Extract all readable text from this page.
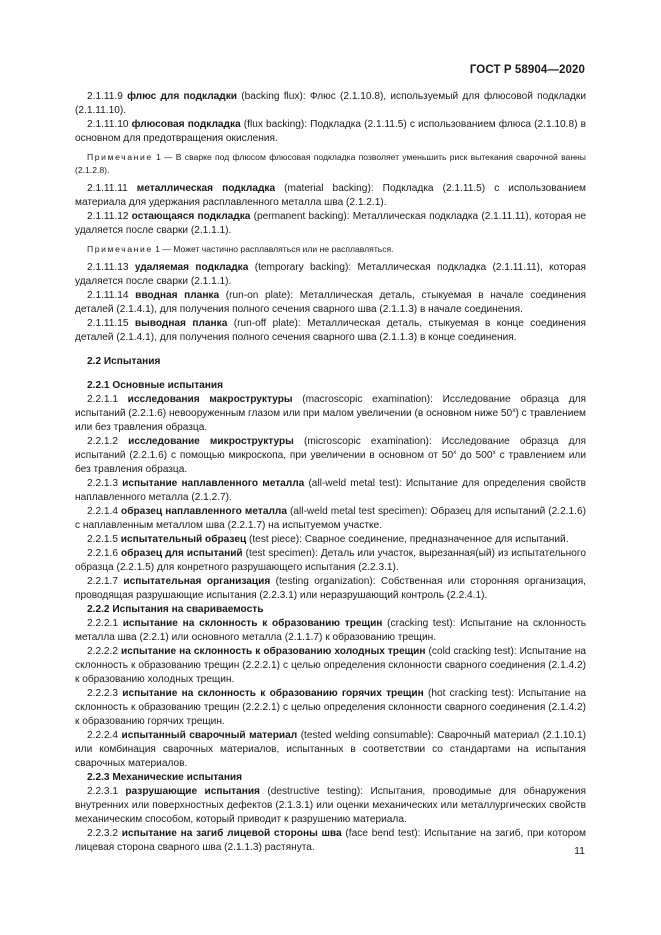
ГОСТ Р 58904—2020

2.1.11.9 флюс для подкладки (backing flux): Флюс (2.1.10.8), используемый для флюсовой подкладки (2.1.11.10).

2.1.11.10 флюсовая подкладка (flux backing): Подкладка (2.1.11.5) с использованием флюса (2.1.10.8) в основном для предотвращения окисления.

Примечание 1 — В сварке под флюсом флюсовая подкладка позволяет уменьшить риск вытекания сварочной ванны (2.1.2.8).

2.1.11.11 металлическая подкладка (material backing): Подкладка (2.1.11.5) с использованием материала для удержания расплавленного металла шва (2.1.2.1).

2.1.11.12 остающаяся подкладка (permanent backing): Металлическая подкладка (2.1.11.11), которая не удаляется после сварки (2.1.1.1).

Примечание 1 — Может частично расплавляться или не расплавляться.

2.1.11.13 удаляемая подкладка (temporary backing): Металлическая подкладка (2.1.11.11), которая удаляется после сварки (2.1.1.1).

2.1.11.14 вводная планка (run-on plate): Металлическая деталь, стыкуемая в начале соединения деталей (2.1.4.1), для получения полного сечения сварного шва (2.1.1.3) в начале соединения.

2.1.11.15 выводная планка (run-off plate): Металлическая деталь, стыкуемая в конце соединения деталей (2.1.4.1), для получения полного сечения сварного шва (2.1.1.3) в конце соединения.

2.2 Испытания

2.2.1 Основные испытания

2.2.1.1 исследования макроструктуры (macroscopic examination): Исследование образца для испытаний (2.2.1.6) невооруженным глазом или при малом увеличении (в основном ниже $50^х$) с травлением или без травления образца.

2.2.1.2 исследование микроструктуры (microscopic examination): Исследование образца для испытаний (2.2.1.6) с помощью микроскопа, при увеличении в основном от $50^х$ до $500^х$ с травлением или без травления образца.

2.2.1.3 испытание наплавленного металла (all-weld metal test): Испытание для определения свойств наплавленного металла (2.1.2.7).

2.2.1.4 образец наплавленного металла (all-weld metal test specimen): Образец для испытаний (2.2.1.6) с наплавленным металлом шва (2.2.1.7) на испытуемом участке.

2.2.1.5 испытательный образец (test piece): Сварное соединение, предназначенное для испытаний.

2.2.1.6 образец для испытаний (test specimen): Деталь или участок, вырезанная(ый) из испытательного образца (2.2.1.5) для конретного разрушающего испытания (2.2.3.1).

2.2.1.7 испытательная организация (testing organization): Собственная или сторонняя организация, проводящая разрушающие испытания (2.2.3.1) или неразрушающий контроль (2.2.4.1).

2.2.2 Испытания на свариваемость

2.2.2.1 испытание на склонность к образованию трещин (cracking test): Испытание на склонность металла шва (2.2.1) или основного металла (2.1.1.7) к образованию трещин.

2.2.2.2 испытание на склонность к образованию холодных трещин (cold cracking test): Испытание на склонность к образованию трещин (2.2.2.1) с целью определения склонности сварного соединения (2.1.4.2) к образованию холодных трещин.

2.2.2.3 испытание на склонность к образованию горячих трещин (hot cracking test): Испытание на склонность к образованию трещин (2.2.2.1) с целью определения склонности сварного соединения (2.1.4.2) к образованию горячих трещин.

2.2.2.4 испытанный сварочный материал (tested welding consumable): Сварочный материал (2.1.10.1) или комбинация сварочных материалов, испытанных в соответствии со стандартами на испытания сварочных материалов.

2.2.3 Механические испытания

2.2.3.1 разрушающие испытания (destructive testing): Испытания, проводимые для обнаружения внутренних или поверхностных дефектов (2.1.3.1) или оценки механических или металлургических свойств механическим способом, который приводит к разрушению материала.

2.2.3.2 испытание на загиб лицевой стороны шва (face bend test): Испытание на загиб, при котором лицевая сторона сварного шва (2.1.1.3) растянута.	11
